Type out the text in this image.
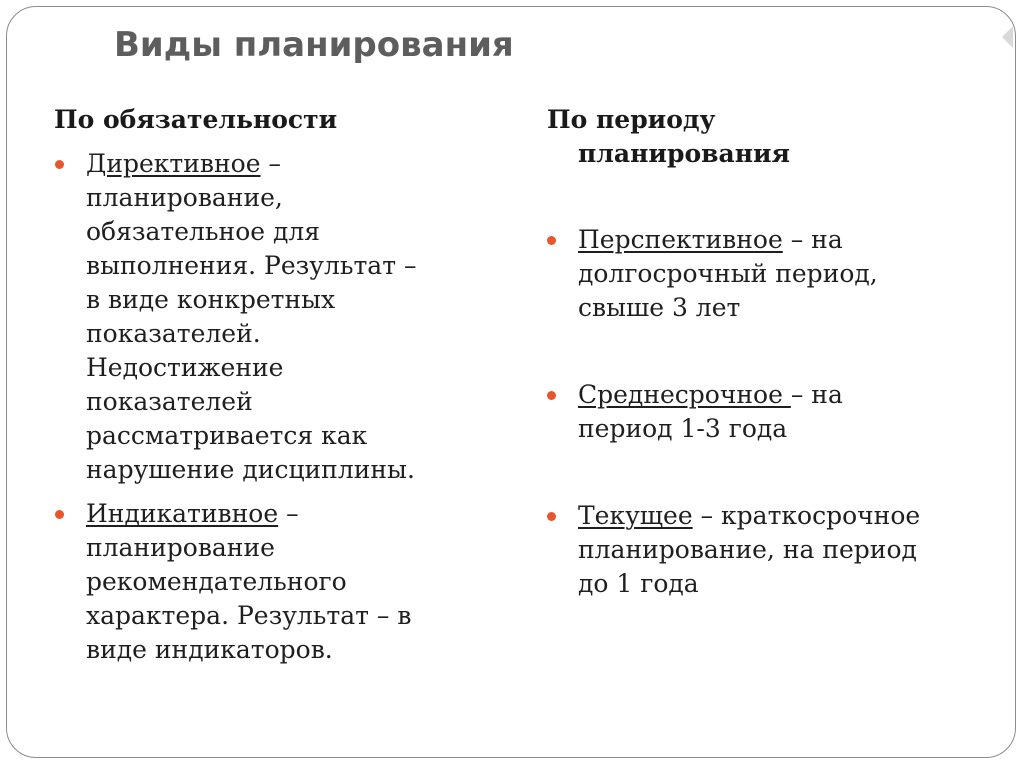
Виды планирования
По обязательности
Директивное –
планирование,
обязательное для
выполнения. Результат –
в виде конкретных
показателей.
Недостижение
показателей
рассматривается как
нарушение дисциплины.
Индикативное –
планирование
рекомендательного
характера. Результат – в
виде индикаторов.
По периоду
планирования
Перспективное – на
долгосрочный период,
свыше 3 лет
Среднесрочное – на
период 1-3 года
Текущее – краткосрочное
планирование, на период
до 1 года
